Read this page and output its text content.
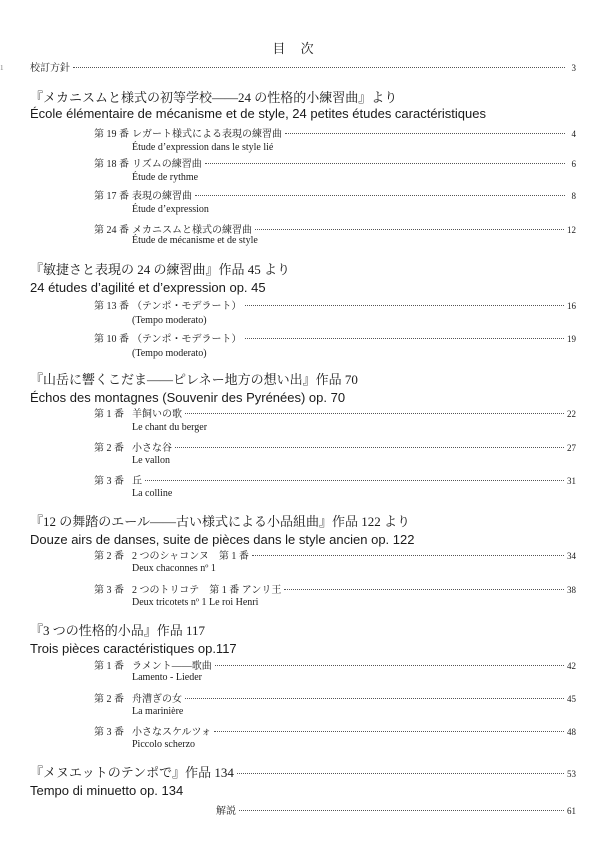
目 次
1	校訂方針	3
『メカニスムと様式の初等学校――24 の性格的小練習曲』より
École élémentaire de mécanisme et de style, 24 petites études caractéristiques
第 19 番 レガート様式による表現の練習曲	4
Étude d’expression dans le style lié
第 18 番 リズムの練習曲	6
Étude de rythme
第 17 番 表現の練習曲	8
Étude d’expression
第 24 番 メカニスムと様式の練習曲	12
Étude de mécanisme et de style
『敏捷さと表現の 24 の練習曲』作品 45 より
24 études d’agilité et d’expression op. 45
第 13 番 （テンポ・モデラート）	16
(Tempo moderato)
第 10 番 （テンポ・モデラート）	19
(Tempo moderato)
『山岳に響くこだま――ピレネー地方の想い出』作品 70
Échos des montagnes (Souvenir des Pyrénées) op. 70
第 1 番 羊飼いの歌	22
Le chant du berger
第 2 番 小さな谷	27
Le vallon
第 3 番 丘	31
La colline
『12 の舞踏のエール――古い様式による小品組曲』作品 122 より
Douze airs de danses, suite de pièces dans le style ancien op. 122
第 2 番 2 つのシャコンヌ　第 1 番	34
Deux chaconnes nº 1
第 3 番 2 つのトリコテ　第 1 番 アンリ王	38
Deux tricotets nº 1 Le roi Henri
『3 つの性格的小品』作品 117
Trois pièces caractéristiques op.117
第 1 番 ラメント――歌曲	42
Lamento - Lieder
第 2 番 舟漕ぎの女	45
La marinière
第 3 番 小さなスケルツォ	48
Piccolo scherzo
『メヌエットのテンポで』作品 134	53
Tempo di minuetto op. 134
解説	61
